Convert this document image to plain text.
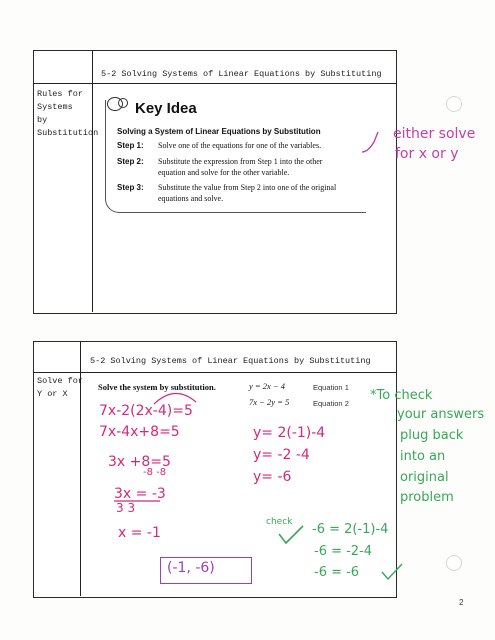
5-2 Solving Systems of Linear Equations by Substituting
Rules for
Systems
by
Substitution
Key Idea
Solving a System of Linear Equations by Substitution
Step 1: Solve one of the equations for one of the variables.
Step 2: Substitute the expression from Step 1 into the other
equation and solve for the other variable.
Step 3: Substitute the value from Step 2 into one of the original
equations and solve.
either solve
for x or y
5-2 Solving Systems of Linear Equations by Substituting
Solve for
Y or X
Solve the system by substitution.	y = 2x − 4	Equation 1
7x − 2y = 5	Equation 2
7x-2(2x-4)=5
7x-4x+8=5
3x +8=5
-8 -8
3x = -3
3 3
x = -1
y= 2(-1)-4
y= -2 -4
y= -6
(-1, -6)
*To check
your answers
plug back
into an
original
problem
check -6 = 2(-1)-4
-6 = -2-4
-6 = -6
2
